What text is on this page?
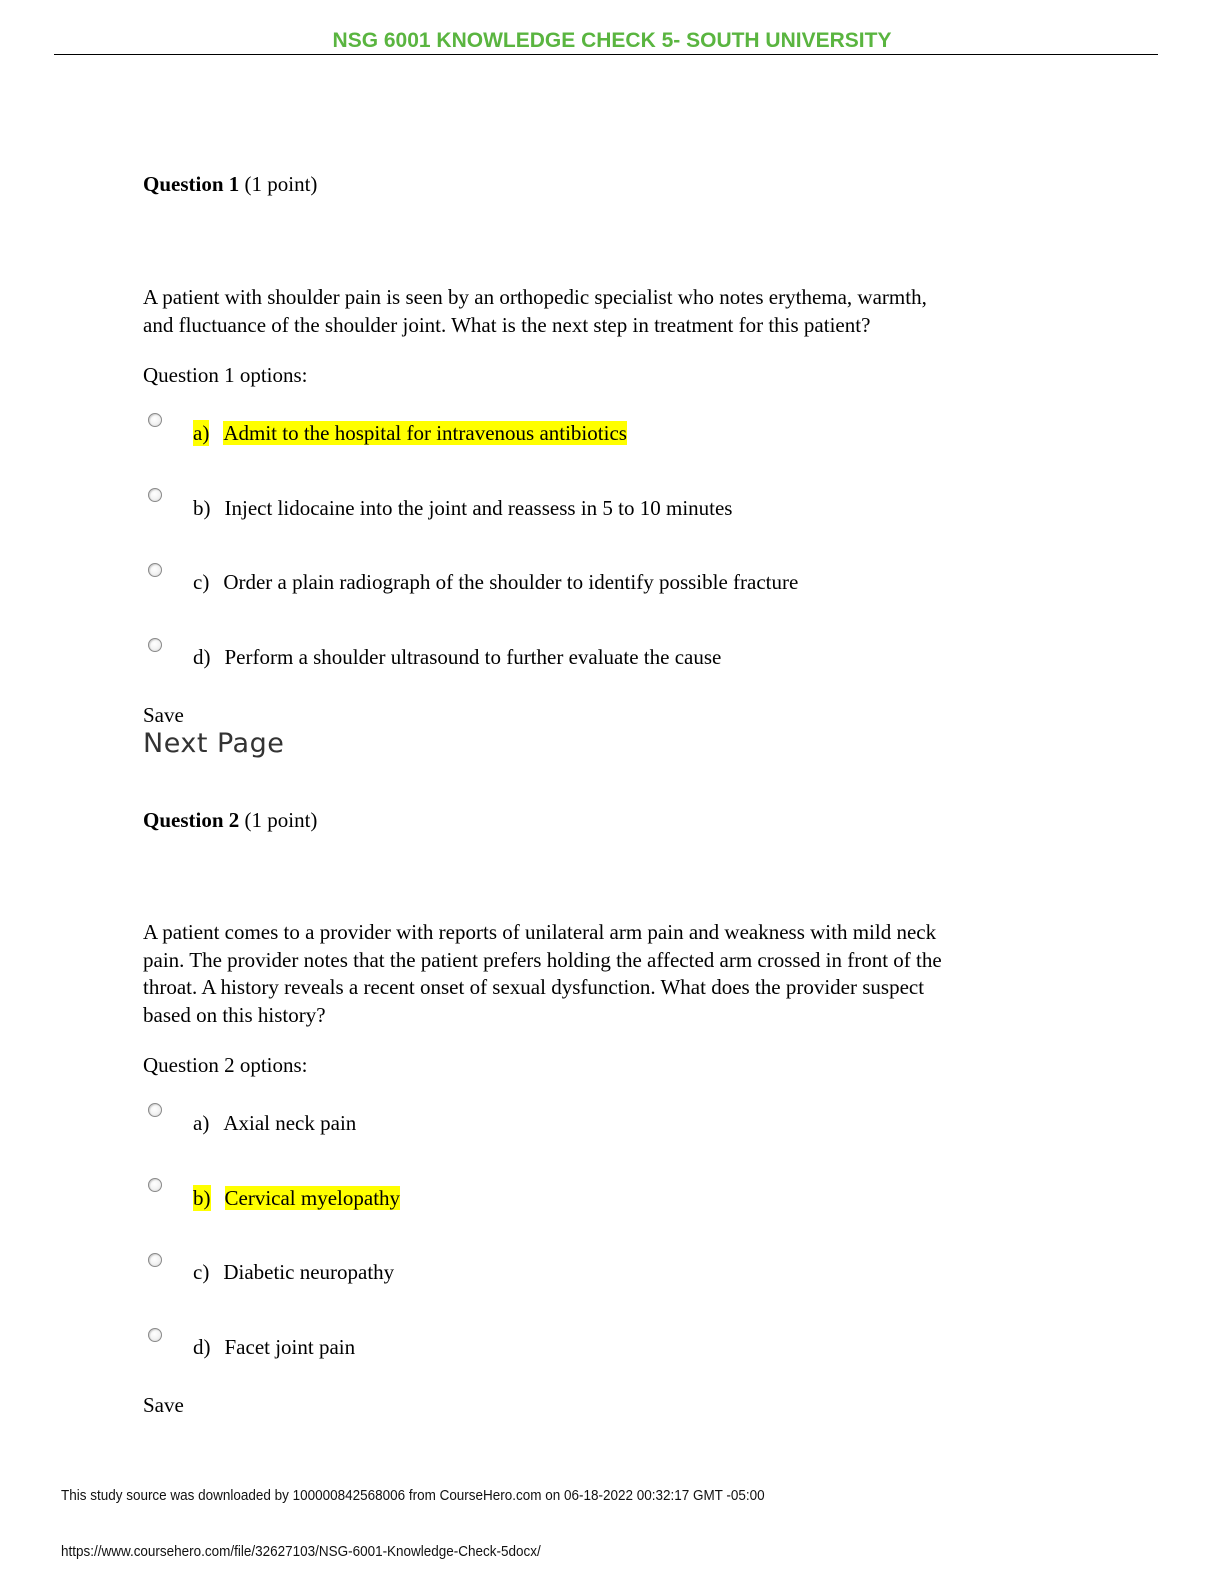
NSG 6001 KNOWLEDGE CHECK 5- SOUTH UNIVERSITY
Question 1 (1 point)
A patient with shoulder pain is seen by an orthopedic specialist who notes erythema, warmth,
and fluctuance of the shoulder joint. What is the next step in treatment for this patient?
Question 1 options:
a) Admit to the hospital for intravenous antibiotics
b) Inject lidocaine into the joint and reassess in 5 to 10 minutes
c) Order a plain radiograph of the shoulder to identify possible fracture
d) Perform a shoulder ultrasound to further evaluate the cause
Save
Next Page
Question 2 (1 point)
A patient comes to a provider with reports of unilateral arm pain and weakness with mild neck
pain. The provider notes that the patient prefers holding the affected arm crossed in front of the
throat. A history reveals a recent onset of sexual dysfunction. What does the provider suspect
based on this history?
Question 2 options:
a) Axial neck pain
b) Cervical myelopathy
c) Diabetic neuropathy
d) Facet joint pain
Save
This study source was downloaded by 100000842568006 from CourseHero.com on 06-18-2022 00:32:17 GMT -05:00
https://www.coursehero.com/file/32627103/NSG-6001-Knowledge-Check-5docx/
